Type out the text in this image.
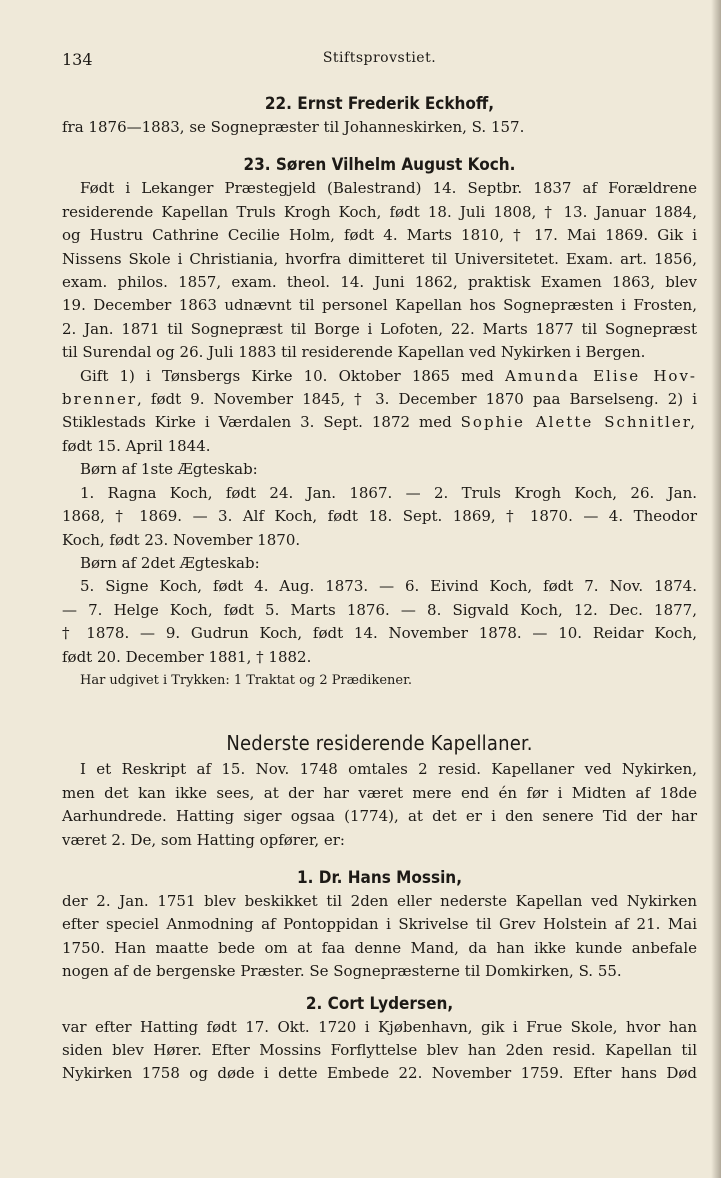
134	Stiftsprovstiet.
22. Ernst Frederik Eckhoff,

fra 1876—1883, se Sognepræster til Johanneskirken, S. 157.

23. Søren Vilhelm August Koch.

Født i Lekanger Præstegjeld (Balestrand) 14. Septbr. 1837 af Forældrene

residerende Kapellan Truls Krogh Koch, født 18. Juli 1808, † 13. Januar 1884,

og Hustru Cathrine Cecilie Holm, født 4. Marts 1810, † 17. Mai 1869. Gik i

Nissens Skole i Christiania, hvorfra dimitteret til Universitetet. Exam. art. 1856,

exam. philos. 1857, exam. theol. 14. Juni 1862, praktisk Examen 1863, blev

19. December 1863 udnævnt til personel Kapellan hos Sognepræsten i Frosten,

2. Jan. 1871 til Sognepræst til Borge i Lofoten, 22. Marts 1877 til Sognepræst

til Surendal og 26. Juli 1883 til residerende Kapellan ved Nykirken i Bergen.

Gift 1) i Tønsbergs Kirke 10. Oktober 1865 med Amunda Elise Hov-

brenner, født 9. November 1845, † 3. December 1870 paa Barselseng. 2) i

Stiklestads Kirke i Værdalen 3. Sept. 1872 med Sophie Alette Schnitler,

født 15. April 1844.

Børn af 1ste Ægteskab:

1. Ragna Koch, født 24. Jan. 1867. — 2. Truls Krogh Koch, 26. Jan.

1868, † 1869. — 3. Alf Koch, født 18. Sept. 1869, † 1870. — 4. Theodor

Koch, født 23. November 1870.

Børn af 2det Ægteskab:

5. Signe Koch, født 4. Aug. 1873. — 6. Eivind Koch, født 7. Nov. 1874.

— 7. Helge Koch, født 5. Marts 1876. — 8. Sigvald Koch, 12. Dec. 1877,

† 1878. — 9. Gudrun Koch, født 14. November 1878. — 10. Reidar Koch,

født 20. December 1881, † 1882.

Har udgivet i Trykken: 1 Traktat og 2 Prædikener.

Nederste residerende Kapellaner.

I et Reskript af 15. Nov. 1748 omtales 2 resid. Kapellaner ved Nykirken,

men det kan ikke sees, at der har været mere end én før i Midten af 18de

Aarhundrede. Hatting siger ogsaa (1774), at det er i den senere Tid der har

været 2. De, som Hatting opfører, er:

1. Dr. Hans Mossin,

der 2. Jan. 1751 blev beskikket til 2den eller nederste Kapellan ved Nykirken

efter speciel Anmodning af Pontoppidan i Skrivelse til Grev Holstein af 21. Mai

1750. Han maatte bede om at faa denne Mand, da han ikke kunde anbefale

nogen af de bergenske Præster. Se Sognepræsterne til Domkirken, S. 55.

2. Cort Lydersen,

var efter Hatting født 17. Okt. 1720 i Kjøbenhavn, gik i Frue Skole, hvor han

siden blev Hører. Efter Mossins Forflyttelse blev han 2den resid. Kapellan til

Nykirken 1758 og døde i dette Embede 22. November 1759. Efter hans Død
